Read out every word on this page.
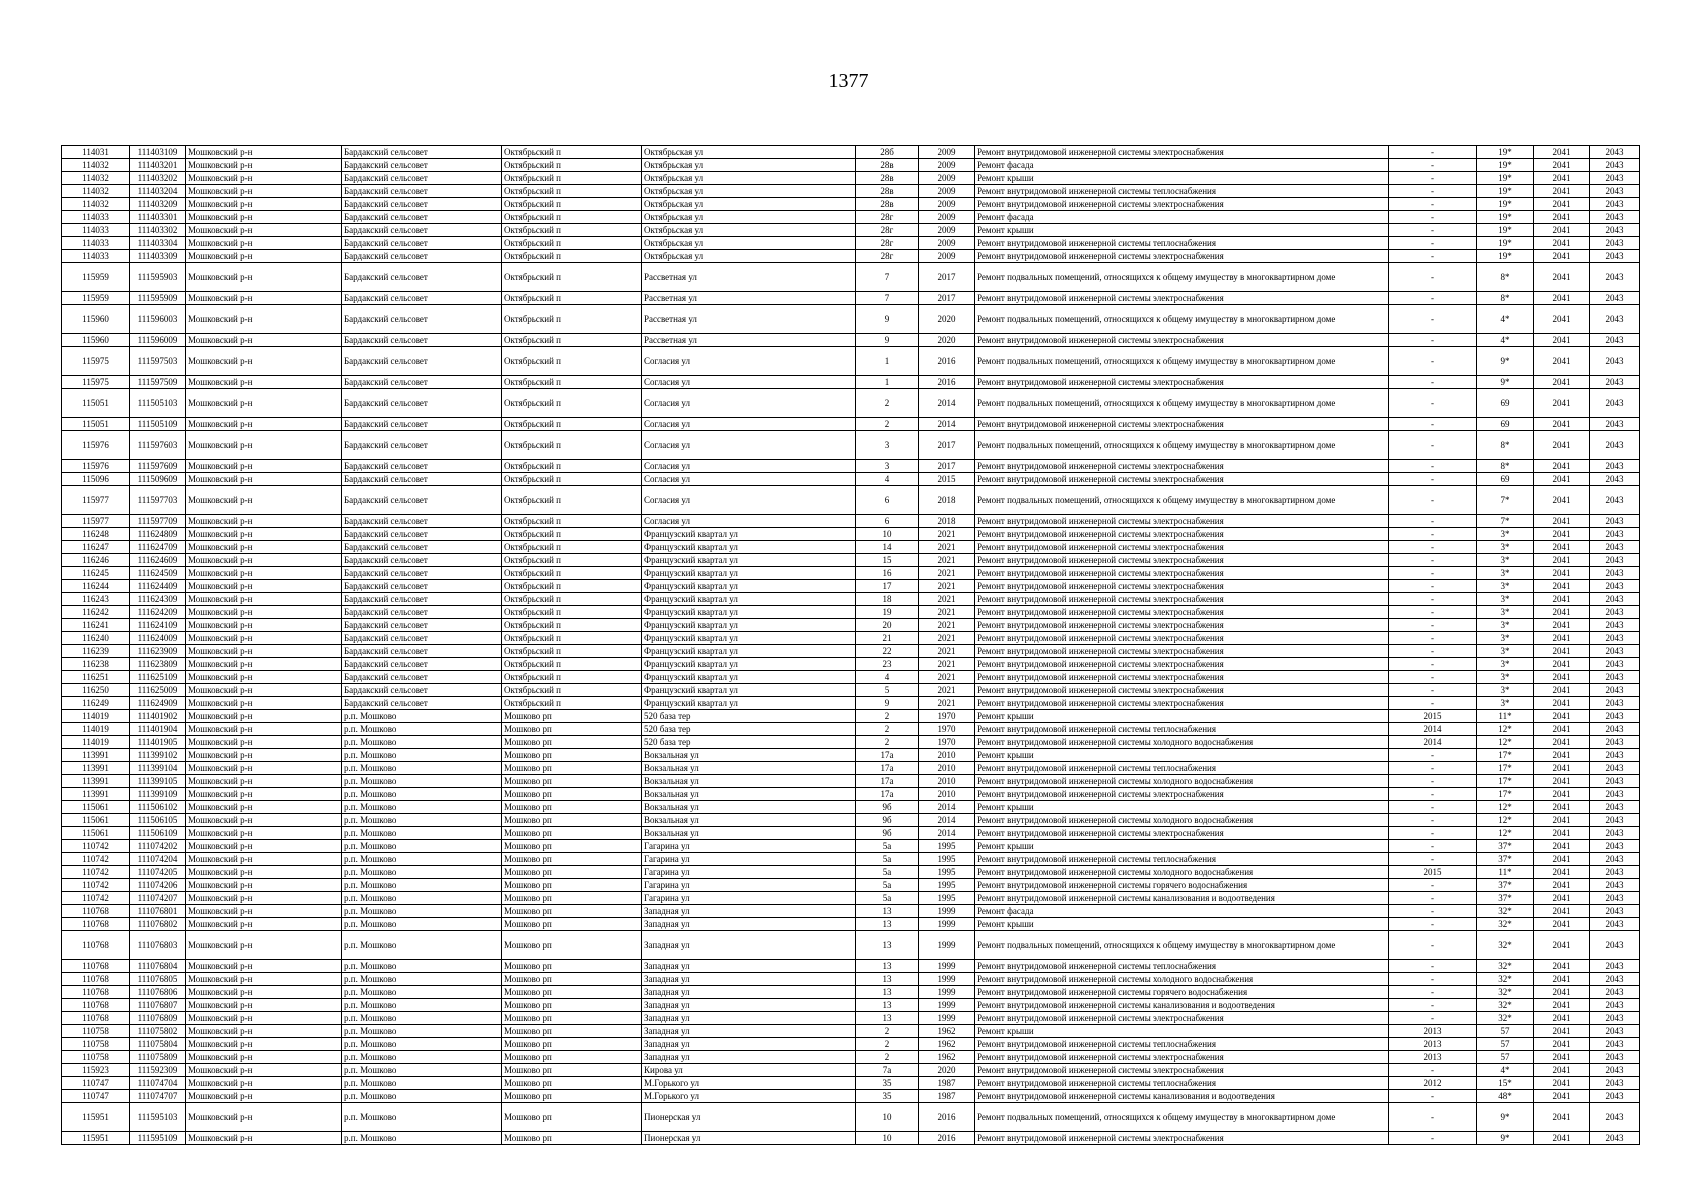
1377
114031	111403109	Мошковский р-н	Бардакский сельсовет	Октябрьский п	Октябрьская ул	28б	2009	Ремонт внутридомовой инженерной системы электроснабжения	-	19*	2041	2043
114032	111403201	Мошковский р-н	Бардакский сельсовет	Октябрьский п	Октябрьская ул	28в	2009	Ремонт фасада	-	19*	2041	2043
114032	111403202	Мошковский р-н	Бардакский сельсовет	Октябрьский п	Октябрьская ул	28в	2009	Ремонт крыши	-	19*	2041	2043
114032	111403204	Мошковский р-н	Бардакский сельсовет	Октябрьский п	Октябрьская ул	28в	2009	Ремонт внутридомовой инженерной системы теплоснабжения	-	19*	2041	2043
114032	111403209	Мошковский р-н	Бардакский сельсовет	Октябрьский п	Октябрьская ул	28в	2009	Ремонт внутридомовой инженерной системы электроснабжения	-	19*	2041	2043
114033	111403301	Мошковский р-н	Бардакский сельсовет	Октябрьский п	Октябрьская ул	28г	2009	Ремонт фасада	-	19*	2041	2043
114033	111403302	Мошковский р-н	Бардакский сельсовет	Октябрьский п	Октябрьская ул	28г	2009	Ремонт крыши	-	19*	2041	2043
114033	111403304	Мошковский р-н	Бардакский сельсовет	Октябрьский п	Октябрьская ул	28г	2009	Ремонт внутридомовой инженерной системы теплоснабжения	-	19*	2041	2043
114033	111403309	Мошковский р-н	Бардакский сельсовет	Октябрьский п	Октябрьская ул	28г	2009	Ремонт внутридомовой инженерной системы электроснабжения	-	19*	2041	2043
115959	111595903	Мошковский р-н	Бардакский сельсовет	Октябрьский п	Рассветная ул	7	2017	Ремонт подвальных помещений, относящихся к общему имуществу в многоквартирном доме	-	8*	2041	2043
115959	111595909	Мошковский р-н	Бардакский сельсовет	Октябрьский п	Рассветная ул	7	2017	Ремонт внутридомовой инженерной системы электроснабжения	-	8*	2041	2043
115960	111596003	Мошковский р-н	Бардакский сельсовет	Октябрьский п	Рассветная ул	9	2020	Ремонт подвальных помещений, относящихся к общему имуществу в многоквартирном доме	-	4*	2041	2043
115960	111596009	Мошковский р-н	Бардакский сельсовет	Октябрьский п	Рассветная ул	9	2020	Ремонт внутридомовой инженерной системы электроснабжения	-	4*	2041	2043
115975	111597503	Мошковский р-н	Бардакский сельсовет	Октябрьский п	Согласия ул	1	2016	Ремонт подвальных помещений, относящихся к общему имуществу в многоквартирном доме	-	9*	2041	2043
115975	111597509	Мошковский р-н	Бардакский сельсовет	Октябрьский п	Согласия ул	1	2016	Ремонт внутридомовой инженерной системы электроснабжения	-	9*	2041	2043
115051	111505103	Мошковский р-н	Бардакский сельсовет	Октябрьский п	Согласия ул	2	2014	Ремонт подвальных помещений, относящихся к общему имуществу в многоквартирном доме	-	69	2041	2043
115051	111505109	Мошковский р-н	Бардакский сельсовет	Октябрьский п	Согласия ул	2	2014	Ремонт внутридомовой инженерной системы электроснабжения	-	69	2041	2043
115976	111597603	Мошковский р-н	Бардакский сельсовет	Октябрьский п	Согласия ул	3	2017	Ремонт подвальных помещений, относящихся к общему имуществу в многоквартирном доме	-	8*	2041	2043
115976	111597609	Мошковский р-н	Бардакский сельсовет	Октябрьский п	Согласия ул	3	2017	Ремонт внутридомовой инженерной системы электроснабжения	-	8*	2041	2043
115096	111509609	Мошковский р-н	Бардакский сельсовет	Октябрьский п	Согласия ул	4	2015	Ремонт внутридомовой инженерной системы электроснабжения	-	69	2041	2043
115977	111597703	Мошковский р-н	Бардакский сельсовет	Октябрьский п	Согласия ул	6	2018	Ремонт подвальных помещений, относящихся к общему имуществу в многоквартирном доме	-	7*	2041	2043
115977	111597709	Мошковский р-н	Бардакский сельсовет	Октябрьский п	Согласия ул	6	2018	Ремонт внутридомовой инженерной системы электроснабжения	-	7*	2041	2043
116248	111624809	Мошковский р-н	Бардакский сельсовет	Октябрьский п	Французский квартал ул	10	2021	Ремонт внутридомовой инженерной системы электроснабжения	-	3*	2041	2043
116247	111624709	Мошковский р-н	Бардакский сельсовет	Октябрьский п	Французский квартал ул	14	2021	Ремонт внутридомовой инженерной системы электроснабжения	-	3*	2041	2043
116246	111624609	Мошковский р-н	Бардакский сельсовет	Октябрьский п	Французский квартал ул	15	2021	Ремонт внутридомовой инженерной системы электроснабжения	-	3*	2041	2043
116245	111624509	Мошковский р-н	Бардакский сельсовет	Октябрьский п	Французский квартал ул	16	2021	Ремонт внутридомовой инженерной системы электроснабжения	-	3*	2041	2043
116244	111624409	Мошковский р-н	Бардакский сельсовет	Октябрьский п	Французский квартал ул	17	2021	Ремонт внутридомовой инженерной системы электроснабжения	-	3*	2041	2043
116243	111624309	Мошковский р-н	Бардакский сельсовет	Октябрьский п	Французский квартал ул	18	2021	Ремонт внутридомовой инженерной системы электроснабжения	-	3*	2041	2043
116242	111624209	Мошковский р-н	Бардакский сельсовет	Октябрьский п	Французский квартал ул	19	2021	Ремонт внутридомовой инженерной системы электроснабжения	-	3*	2041	2043
116241	111624109	Мошковский р-н	Бардакский сельсовет	Октябрьский п	Французский квартал ул	20	2021	Ремонт внутридомовой инженерной системы электроснабжения	-	3*	2041	2043
116240	111624009	Мошковский р-н	Бардакский сельсовет	Октябрьский п	Французский квартал ул	21	2021	Ремонт внутридомовой инженерной системы электроснабжения	-	3*	2041	2043
116239	111623909	Мошковский р-н	Бардакский сельсовет	Октябрьский п	Французский квартал ул	22	2021	Ремонт внутридомовой инженерной системы электроснабжения	-	3*	2041	2043
116238	111623809	Мошковский р-н	Бардакский сельсовет	Октябрьский п	Французский квартал ул	23	2021	Ремонт внутридомовой инженерной системы электроснабжения	-	3*	2041	2043
116251	111625109	Мошковский р-н	Бардакский сельсовет	Октябрьский п	Французский квартал ул	4	2021	Ремонт внутридомовой инженерной системы электроснабжения	-	3*	2041	2043
116250	111625009	Мошковский р-н	Бардакский сельсовет	Октябрьский п	Французский квартал ул	5	2021	Ремонт внутридомовой инженерной системы электроснабжения	-	3*	2041	2043
116249	111624909	Мошковский р-н	Бардакский сельсовет	Октябрьский п	Французский квартал ул	9	2021	Ремонт внутридомовой инженерной системы электроснабжения	-	3*	2041	2043
114019	111401902	Мошковский р-н	р.п. Мошково	Мошково рп	520 база тер	2	1970	Ремонт крыши	2015	11*	2041	2043
114019	111401904	Мошковский р-н	р.п. Мошково	Мошково рп	520 база тер	2	1970	Ремонт внутридомовой инженерной системы теплоснабжения	2014	12*	2041	2043
114019	111401905	Мошковский р-н	р.п. Мошково	Мошково рп	520 база тер	2	1970	Ремонт внутридомовой инженерной системы холодного водоснабжения	2014	12*	2041	2043
113991	111399102	Мошковский р-н	р.п. Мошково	Мошково рп	Вокзальная ул	17а	2010	Ремонт крыши	-	17*	2041	2043
113991	111399104	Мошковский р-н	р.п. Мошково	Мошково рп	Вокзальная ул	17а	2010	Ремонт внутридомовой инженерной системы теплоснабжения	-	17*	2041	2043
113991	111399105	Мошковский р-н	р.п. Мошково	Мошково рп	Вокзальная ул	17а	2010	Ремонт внутридомовой инженерной системы холодного водоснабжения	-	17*	2041	2043
113991	111399109	Мошковский р-н	р.п. Мошково	Мошково рп	Вокзальная ул	17а	2010	Ремонт внутридомовой инженерной системы электроснабжения	-	17*	2041	2043
115061	111506102	Мошковский р-н	р.п. Мошково	Мошково рп	Вокзальная ул	9б	2014	Ремонт крыши	-	12*	2041	2043
115061	111506105	Мошковский р-н	р.п. Мошково	Мошково рп	Вокзальная ул	9б	2014	Ремонт внутридомовой инженерной системы холодного водоснабжения	-	12*	2041	2043
115061	111506109	Мошковский р-н	р.п. Мошково	Мошково рп	Вокзальная ул	9б	2014	Ремонт внутридомовой инженерной системы электроснабжения	-	12*	2041	2043
110742	111074202	Мошковский р-н	р.п. Мошково	Мошково рп	Гагарина ул	5а	1995	Ремонт крыши	-	37*	2041	2043
110742	111074204	Мошковский р-н	р.п. Мошково	Мошково рп	Гагарина ул	5а	1995	Ремонт внутридомовой инженерной системы теплоснабжения	-	37*	2041	2043
110742	111074205	Мошковский р-н	р.п. Мошково	Мошково рп	Гагарина ул	5а	1995	Ремонт внутридомовой инженерной системы холодного водоснабжения	2015	11*	2041	2043
110742	111074206	Мошковский р-н	р.п. Мошково	Мошково рп	Гагарина ул	5а	1995	Ремонт внутридомовой инженерной системы горячего водоснабжения	-	37*	2041	2043
110742	111074207	Мошковский р-н	р.п. Мошково	Мошково рп	Гагарина ул	5а	1995	Ремонт внутридомовой инженерной системы канализования и водоотведения	-	37*	2041	2043
110768	111076801	Мошковский р-н	р.п. Мошково	Мошково рп	Западная ул	13	1999	Ремонт фасада	-	32*	2041	2043
110768	111076802	Мошковский р-н	р.п. Мошково	Мошково рп	Западная ул	13	1999	Ремонт крыши	-	32*	2041	2043
110768	111076803	Мошковский р-н	р.п. Мошково	Мошково рп	Западная ул	13	1999	Ремонт подвальных помещений, относящихся к общему имуществу в многоквартирном доме	-	32*	2041	2043
110768	111076804	Мошковский р-н	р.п. Мошково	Мошково рп	Западная ул	13	1999	Ремонт внутридомовой инженерной системы теплоснабжения	-	32*	2041	2043
110768	111076805	Мошковский р-н	р.п. Мошково	Мошково рп	Западная ул	13	1999	Ремонт внутридомовой инженерной системы холодного водоснабжения	-	32*	2041	2043
110768	111076806	Мошковский р-н	р.п. Мошково	Мошково рп	Западная ул	13	1999	Ремонт внутридомовой инженерной системы горячего водоснабжения	-	32*	2041	2043
110768	111076807	Мошковский р-н	р.п. Мошково	Мошково рп	Западная ул	13	1999	Ремонт внутридомовой инженерной системы канализования и водоотведения	-	32*	2041	2043
110768	111076809	Мошковский р-н	р.п. Мошково	Мошково рп	Западная ул	13	1999	Ремонт внутридомовой инженерной системы электроснабжения	-	32*	2041	2043
110758	111075802	Мошковский р-н	р.п. Мошково	Мошково рп	Западная ул	2	1962	Ремонт крыши	2013	57	2041	2043
110758	111075804	Мошковский р-н	р.п. Мошково	Мошково рп	Западная ул	2	1962	Ремонт внутридомовой инженерной системы теплоснабжения	2013	57	2041	2043
110758	111075809	Мошковский р-н	р.п. Мошково	Мошково рп	Западная ул	2	1962	Ремонт внутридомовой инженерной системы электроснабжения	2013	57	2041	2043
115923	111592309	Мошковский р-н	р.п. Мошково	Мошково рп	Кирова ул	7а	2020	Ремонт внутридомовой инженерной системы электроснабжения	-	4*	2041	2043
110747	111074704	Мошковский р-н	р.п. Мошково	Мошково рп	М.Горького ул	35	1987	Ремонт внутридомовой инженерной системы теплоснабжения	2012	15*	2041	2043
110747	111074707	Мошковский р-н	р.п. Мошково	Мошково рп	М.Горького ул	35	1987	Ремонт внутридомовой инженерной системы канализования и водоотведения	-	48*	2041	2043
115951	111595103	Мошковский р-н	р.п. Мошково	Мошково рп	Пионерская ул	10	2016	Ремонт подвальных помещений, относящихся к общему имуществу в многоквартирном доме	-	9*	2041	2043
115951	111595109	Мошковский р-н	р.п. Мошково	Мошково рп	Пионерская ул	10	2016	Ремонт внутридомовой инженерной системы электроснабжения	-	9*	2041	2043
